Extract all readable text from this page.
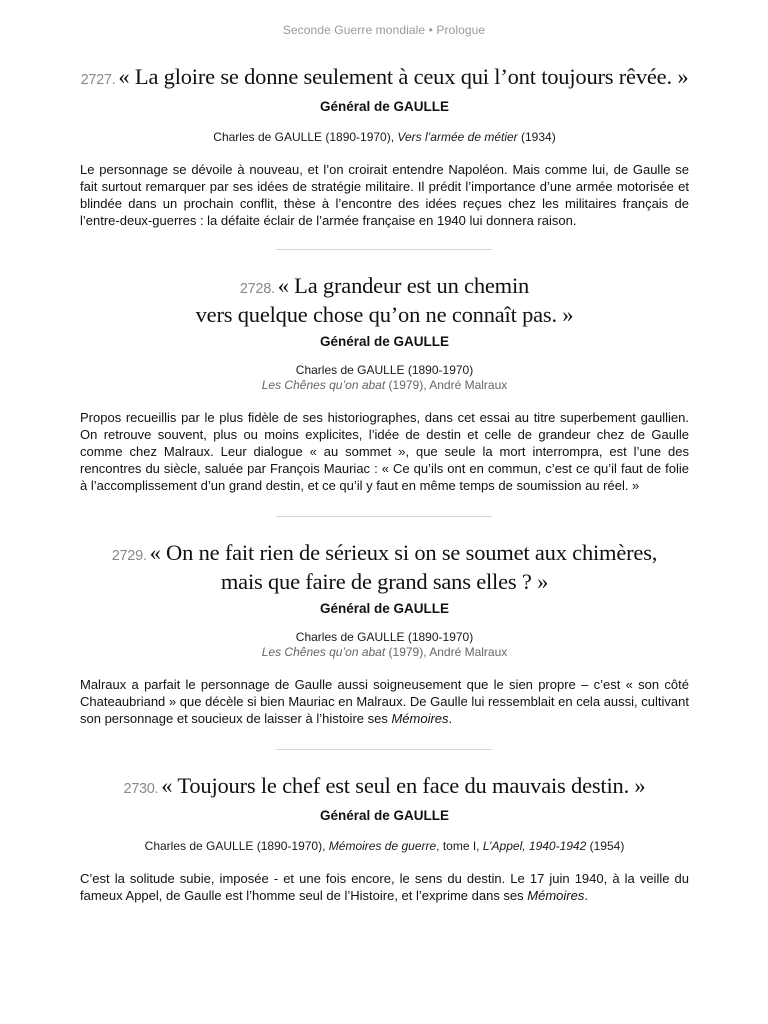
Seconde Guerre mondiale • Prologue
2727. « La gloire se donne seulement à ceux qui l’ont toujours rêvée. »
Général de GAULLE
Charles de GAULLE (1890-1970), Vers l’armée de métier (1934)
Le personnage se dévoile à nouveau, et l’on croirait entendre Napoléon. Mais comme lui, de Gaulle se fait surtout remarquer par ses idées de stratégie militaire. Il prédit l’importance d’une armée motorisée et blindée dans un prochain conflit, thèse à l’encontre des idées reçues chez les militaires français de l’entre-deux-guerres : la défaite éclair de l’armée française en 1940 lui donnera raison.
2728. « La grandeur est un chemin
vers quelque chose qu’on ne connaît pas. »
Général de GAULLE
Charles de GAULLE (1890-1970)
Les Chênes qu’on abat (1979), André Malraux
Propos recueillis par le plus fidèle de ses historiographes, dans cet essai au titre superbement gaullien. On retrouve souvent, plus ou moins explicites, l’idée de destin et celle de grandeur chez de Gaulle comme chez Malraux. Leur dialogue « au sommet », que seule la mort interrompra, est l’une des rencontres du siècle, saluée par François Mauriac : « Ce qu’ils ont en commun, c’est ce qu’il faut de folie à l’accomplissement d’un grand destin, et ce qu’il y faut en même temps de soumission au réel. »
2729. « On ne fait rien de sérieux si on se soumet aux chimères,
mais que faire de grand sans elles ? »
Général de GAULLE
Charles de GAULLE (1890-1970)
Les Chênes qu’on abat (1979), André Malraux
Malraux a parfait le personnage de Gaulle aussi soigneusement que le sien propre – c’est « son côté Chateaubriand » que décèle si bien Mauriac en Malraux. De Gaulle lui ressemblait en cela aussi, cultivant son personnage et soucieux de laisser à l’histoire ses Mémoires.
2730. « Toujours le chef est seul en face du mauvais destin. »
Général de GAULLE
Charles de GAULLE (1890-1970), Mémoires de guerre, tome I, L’Appel, 1940-1942 (1954)
C’est la solitude subie, imposée - et une fois encore, le sens du destin. Le 17 juin 1940, à la veille du fameux Appel, de Gaulle est l’homme seul de l’Histoire, et l’exprime dans ses Mémoires.
